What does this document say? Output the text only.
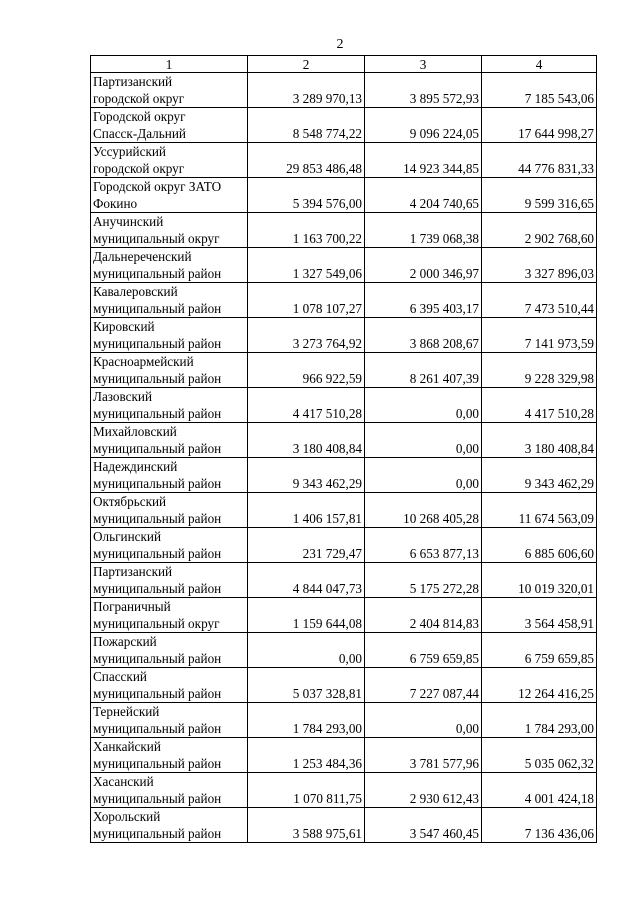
2
1	2	3	4

Партизанский
городской округ	3 289 970,13	3 895 572,93	7 185 543,06

Городской округ
Спасск-Дальний	8 548 774,22	9 096 224,05	17 644 998,27

Уссурийский
городской округ	29 853 486,48	14 923 344,85	44 776 831,33

Городской округ ЗАТО
Фокино	5 394 576,00	4 204 740,65	9 599 316,65

Анучинский
муниципальный округ	1 163 700,22	1 739 068,38	2 902 768,60

Дальнереченский
муниципальный район	1 327 549,06	2 000 346,97	3 327 896,03

Кавалеровский
муниципальный район	1 078 107,27	6 395 403,17	7 473 510,44

Кировский
муниципальный район	3 273 764,92	3 868 208,67	7 141 973,59

Красноармейский
муниципальный район	966 922,59	8 261 407,39	9 228 329,98

Лазовский
муниципальный район	4 417 510,28	0,00	4 417 510,28

Михайловский
муниципальный район	3 180 408,84	0,00	3 180 408,84

Надеждинский
муниципальный район	9 343 462,29	0,00	9 343 462,29

Октябрьский
муниципальный район	1 406 157,81	10 268 405,28	11 674 563,09

Ольгинский
муниципальный район	231 729,47	6 653 877,13	6 885 606,60

Партизанский
муниципальный район	4 844 047,73	5 175 272,28	10 019 320,01

Пограничный
муниципальный округ	1 159 644,08	2 404 814,83	3 564 458,91

Пожарский
муниципальный район	0,00	6 759 659,85	6 759 659,85

Спасский
муниципальный район	5 037 328,81	7 227 087,44	12 264 416,25

Тернейский
муниципальный район	1 784 293,00	0,00	1 784 293,00

Ханкайский
муниципальный район	1 253 484,36	3 781 577,96	5 035 062,32

Хасанский
муниципальный район	1 070 811,75	2 930 612,43	4 001 424,18

Хорольский
муниципальный район	3 588 975,61	3 547 460,45	7 136 436,06
